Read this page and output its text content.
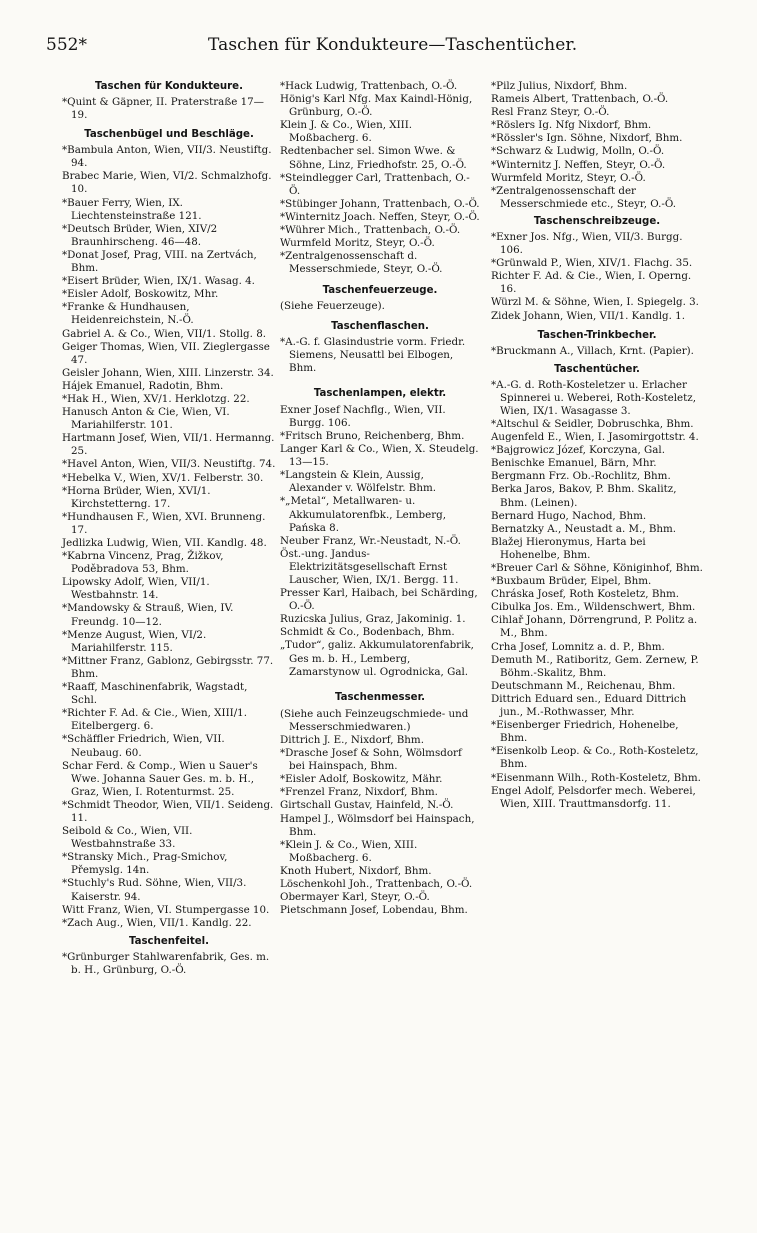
552*	Taschen für Kondukteure—Taschentücher.
Taschen für Kondukteure.
*Quint & Gäpner, II. Praterstraße 17—19.
Taschenbügel und Beschläge.
*Bambula Anton, Wien, VII/3. Neustiftg. 94.
Brabec Marie, Wien, VI/2. Schmalzhofg. 10.
*Bauer Ferry, Wien, IX. Liechtensteinstraße 121.
*Deutsch Brüder, Wien, XIV/2 Braunhirscheng. 46—48.
*Donat Josef, Prag, VIII. na Zertvách, Bhm.
*Eisert Brüder, Wien, IX/1. Wasag. 4.
*Eisler Adolf, Boskowitz, Mhr.
*Franke & Hundhausen, Heidenreichstein, N.-Ö.
Gabriel A. & Co., Wien, VII/1. Stollg. 8.
Geiger Thomas, Wien, VII. Zieglergasse 47.
Geisler Johann, Wien, XIII. Linzerstr. 34.
Hájek Emanuel, Radotin, Bhm.
*Hak H., Wien, XV/1. Herklotzg. 22.
Hanusch Anton & Cie, Wien, VI. Mariahilferstr. 101.
Hartmann Josef, Wien, VII/1. Hermanng. 25.
*Havel Anton, Wien, VII/3. Neustiftg. 74.
*Hebelka V., Wien, XV/1. Felberstr. 30.
*Horna Brüder, Wien, XVI/1. Kirchstetterng. 17.
*Hundhausen F., Wien, XVI. Brunneng. 17.
Jedlizka Ludwig, Wien, VII. Kandlg. 48.
*Kabrna Vincenz, Prag, Žižkov, Poděbradova 53, Bhm.
Lipowsky Adolf, Wien, VII/1. Westbahnstr. 14.
*Mandowsky & Strauß, Wien, IV. Freundg. 10—12.
*Menze August, Wien, VI/2. Mariahilferstr. 115.
*Mittner Franz, Gablonz, Gebirgsstr. 77. Bhm.
*Raaff, Maschinenfabrik, Wagstadt, Schl.
*Richter F. Ad. & Cie., Wien, XIII/1. Eitelbergerg. 6.
*Schäffler Friedrich, Wien, VII. Neubaug. 60.
Schar Ferd. & Comp., Wien u Sauer's Wwe. Johanna Sauer Ges. m. b. H., Graz, Wien, I. Rotenturmst. 25.
*Schmidt Theodor, Wien, VII/1. Seideng. 11.
Seibold & Co., Wien, VII. Westbahnstraße 33.
*Stransky Mich., Prag-Smichov, Přemyslg. 14n.
*Stuchly's Rud. Söhne, Wien, VII/3. Kaiserstr. 94.
Witt Franz, Wien, VI. Stumpergasse 10.
*Zach Aug., Wien, VII/1. Kandlg. 22.
Taschenfeitel.
*Grünburger Stahlwarenfabrik, Ges. m. b. H., Grünburg, O.-Ö.
*Hack Ludwig, Trattenbach, O.-Ö.
Hönig's Karl Nfg. Max Kaindl-Hönig, Grünburg, O.-Ö.
Klein J. & Co., Wien, XIII. Moßbacherg. 6.
Redtenbacher sel. Simon Wwe. & Söhne, Linz, Friedhofstr. 25, O.-Ö.
*Steindlegger Carl, Trattenbach, O.-Ö.
*Stübinger Johann, Trattenbach, O.-Ö.
*Winternitz Joach. Neffen, Steyr, O.-Ö.
*Wührer Mich., Trattenbach, O.-Ö.
Wurmfeld Moritz, Steyr, O.-Ö.
*Zentralgenossenschaft d. Messerschmiede, Steyr, O.-Ö.
Taschenfeuerzeuge.
(Siehe Feuerzeuge).
Taschenflaschen.
*A.-G. f. Glasindustrie vorm. Friedr. Siemens, Neusattl bei Elbogen, Bhm.
Taschenlampen, elektr.
Exner Josef Nachflg., Wien, VII. Burgg. 106.
*Fritsch Bruno, Reichenberg, Bhm.
Langer Karl & Co., Wien, X. Steudelg. 13—15.
*Langstein & Klein, Aussig, Alexander v. Wölfelstr. Bhm.
*„Metal“, Metallwaren- u. Akkumulatorenfbk., Lemberg, Pańska 8.
Neuber Franz, Wr.-Neustadt, N.-Ö.
Öst.-ung. Jandus-Elektrizitätsgesellschaft Ernst Lauscher, Wien, IX/1. Bergg. 11.
Presser Karl, Haibach, bei Schärding, O.-Ö.
Ruzicska Julius, Graz, Jakominig. 1.
Schmidt & Co., Bodenbach, Bhm.
„Tudor“, galiz. Akkumulatorenfabrik, Ges m. b. H., Lemberg, Zamarstynow ul. Ogrodnicka, Gal.
Taschenmesser.
(Siehe auch Feinzeugschmiede- und Messerschmiedwaren.)
Dittrich J. E., Nixdorf, Bhm.
*Drasche Josef & Sohn, Wölmsdorf bei Hainspach, Bhm.
*Eisler Adolf, Boskowitz, Mähr.
*Frenzel Franz, Nixdorf, Bhm.
Girtschall Gustav, Hainfeld, N.-Ö.
Hampel J., Wölmsdorf bei Hainspach, Bhm.
*Klein J. & Co., Wien, XIII. Moßbacherg. 6.
Knoth Hubert, Nixdorf, Bhm.
Löschenkohl Joh., Trattenbach, O.-Ö.
Obermayer Karl, Steyr, O.-Ö.
Pietschmann Josef, Lobendau, Bhm.
*Pilz Julius, Nixdorf, Bhm.
Rameis Albert, Trattenbach, O.-Ö.
Resl Franz Steyr, O.-Ö.
*Röslers Ig. Nfg Nixdorf, Bhm.
*Rössler's Ign. Söhne, Nixdorf, Bhm.
*Schwarz & Ludwig, Molln, O.-Ö.
*Winternitz J. Neffen, Steyr, O.-Ö.
Wurmfeld Moritz, Steyr, O.-Ö.
*Zentralgenossenschaft der Messerschmiede etc., Steyr, O.-Ö.
Taschenschreibzeuge.
*Exner Jos. Nfg., Wien, VII/3. Burgg. 106.
*Grünwald P., Wien, XIV/1. Flachg. 35.
Richter F. Ad. & Cie., Wien, I. Operng. 16.
Würzl M. & Söhne, Wien, I. Spiegelg. 3.
Zidek Johann, Wien, VII/1. Kandlg. 1.
Taschen-Trinkbecher.
*Bruckmann A., Villach, Krnt. (Papier).
Taschentücher.
*A.-G. d. Roth-Kosteletzer u. Erlacher Spinnerei u. Weberei, Roth-Kosteletz, Wien, IX/1. Wasagasse 3.
*Altschul & Seidler, Dobruschka, Bhm.
Augenfeld E., Wien, I. Jasomirgottstr. 4.
*Bajgrowicz Józef, Korczyna, Gal.
Benischke Emanuel, Bärn, Mhr.
Bergmann Frz. Ob.-Rochlitz, Bhm.
Berka Jaros, Bakov, P. Bhm. Skalitz, Bhm. (Leinen).
Bernard Hugo, Nachod, Bhm.
Bernatzky A., Neustadt a. M., Bhm.
Blažej Hieronymus, Harta bei Hohenelbe, Bhm.
*Breuer Carl & Söhne, Königinhof, Bhm.
*Buxbaum Brüder, Eipel, Bhm.
Chráska Josef, Roth Kosteletz, Bhm.
Cibulka Jos. Em., Wildenschwert, Bhm.
Cihlař Johann, Dörrengrund, P. Politz a. M., Bhm.
Crha Josef, Lomnitz a. d. P., Bhm.
Demuth M., Ratiboritz, Gem. Zernew, P. Böhm.-Skalitz, Bhm.
Deutschmann M., Reichenau, Bhm.
Dittrich Eduard sen., Eduard Dittrich jun., M.-Rothwasser, Mhr.
*Eisenberger Friedrich, Hohenelbe, Bhm.
*Eisenkolb Leop. & Co., Roth-Kosteletz, Bhm.
*Eisenmann Wilh., Roth-Kosteletz, Bhm.
Engel Adolf, Pelsdorfer mech. Weberei, Wien, XIII. Trauttmansdorfg. 11.
